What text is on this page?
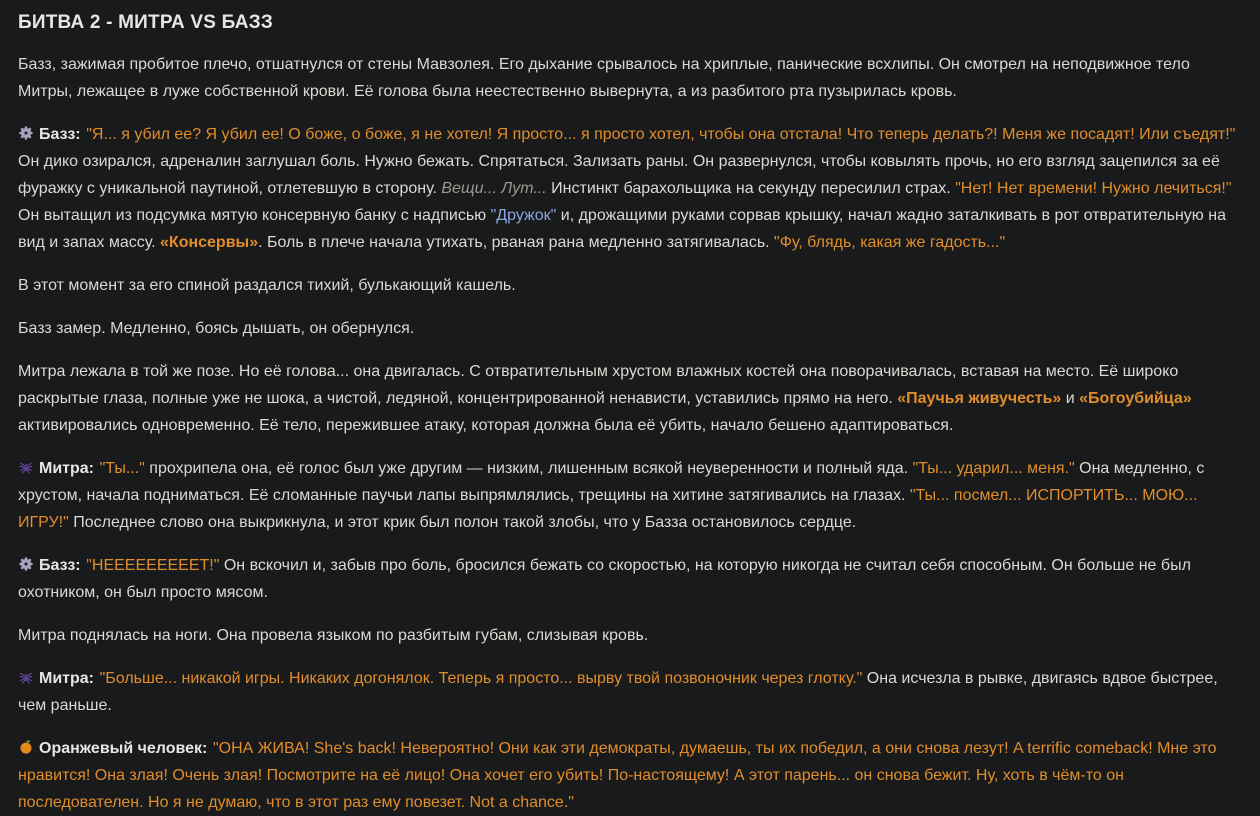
БИТВА 2 - МИТРА VS БАЗЗ

Базз, зажимая пробитое плечо, отшатнулся от стены Мавзолея. Его дыхание срывалось на хриплые, панические всхлипы. Он смотрел на неподвижное тело Митры, лежащее в луже собственной крови. Её голова была неестественно вывернута, а из разбитого рта пузырилась кровь.

Базз: "Я... я убил ее? Я убил ее! О боже, о боже, я не хотел! Я просто... я просто хотел, чтобы она отстала! Что теперь делать?! Меня же посадят! Или съедят!" Он дико озирался, адреналин заглушал боль. Нужно бежать. Спрятаться. Зализать раны. Он развернулся, чтобы ковылять прочь, но его взгляд зацепился за её фуражку с уникальной паутиной, отлетевшую в сторону. Вещи... Лут... Инстинкт барахольщика на секунду пересилил страх. "Нет! Нет времени! Нужно лечиться!" Он вытащил из подсумка мятую консервную банку с надписью "Дружок" и, дрожащими руками сорвав крышку, начал жадно заталкивать в рот отвратительную на вид и запах массу. «Консервы». Боль в плече начала утихать, рваная рана медленно затягивалась. "Фу, блядь, какая же гадость..."

В этот момент за его спиной раздался тихий, булькающий кашель.

Базз замер. Медленно, боясь дышать, он обернулся.

Митра лежала в той же позе. Но её голова... она двигалась. С отвратительным хрустом влажных костей она поворачивалась, вставая на место. Её широко раскрытые глаза, полные уже не шока, а чистой, ледяной, концентрированной ненависти, уставились прямо на него. «Паучья живучесть» и «Богоубийца» активировались одновременно. Её тело, пережившее атаку, которая должна была её убить, начало бешено адаптироваться.

Митра: "Ты..." прохрипела она, её голос был уже другим — низким, лишенным всякой неуверенности и полный яда. "Ты... ударил... меня." Она медленно, с хрустом, начала подниматься. Её сломанные паучьи лапы выпрямлялись, трещины на хитине затягивались на глазах. "Ты... посмел... ИСПОРТИТЬ... МОЮ... ИГРУ!" Последнее слово она выкрикнула, и этот крик был полон такой злобы, что у Базза остановилось сердце.

Базз: "НЕЕЕЕЕЕЕЕЕТ!" Он вскочил и, забыв про боль, бросился бежать со скоростью, на которую никогда не считал себя способным. Он больше не был охотником, он был просто мясом.

Митра поднялась на ноги. Она провела языком по разбитым губам, слизывая кровь.

Митра: "Больше... никакой игры. Никаких догонялок. Теперь я просто... вырву твой позвоночник через глотку." Она исчезла в рывке, двигаясь вдвое быстрее, чем раньше.

Оранжевый человек: "ОНА ЖИВА! She's back! Невероятно! Они как эти демократы, думаешь, ты их победил, а они снова лезут! A terrific comeback! Мне это нравится! Она злая! Очень злая! Посмотрите на её лицо! Она хочет его убить! По-настоящему! А этот парень... он снова бежит. Ну, хоть в чём-то он последователен. Но я не думаю, что в этот раз ему повезет. Not a chance."
